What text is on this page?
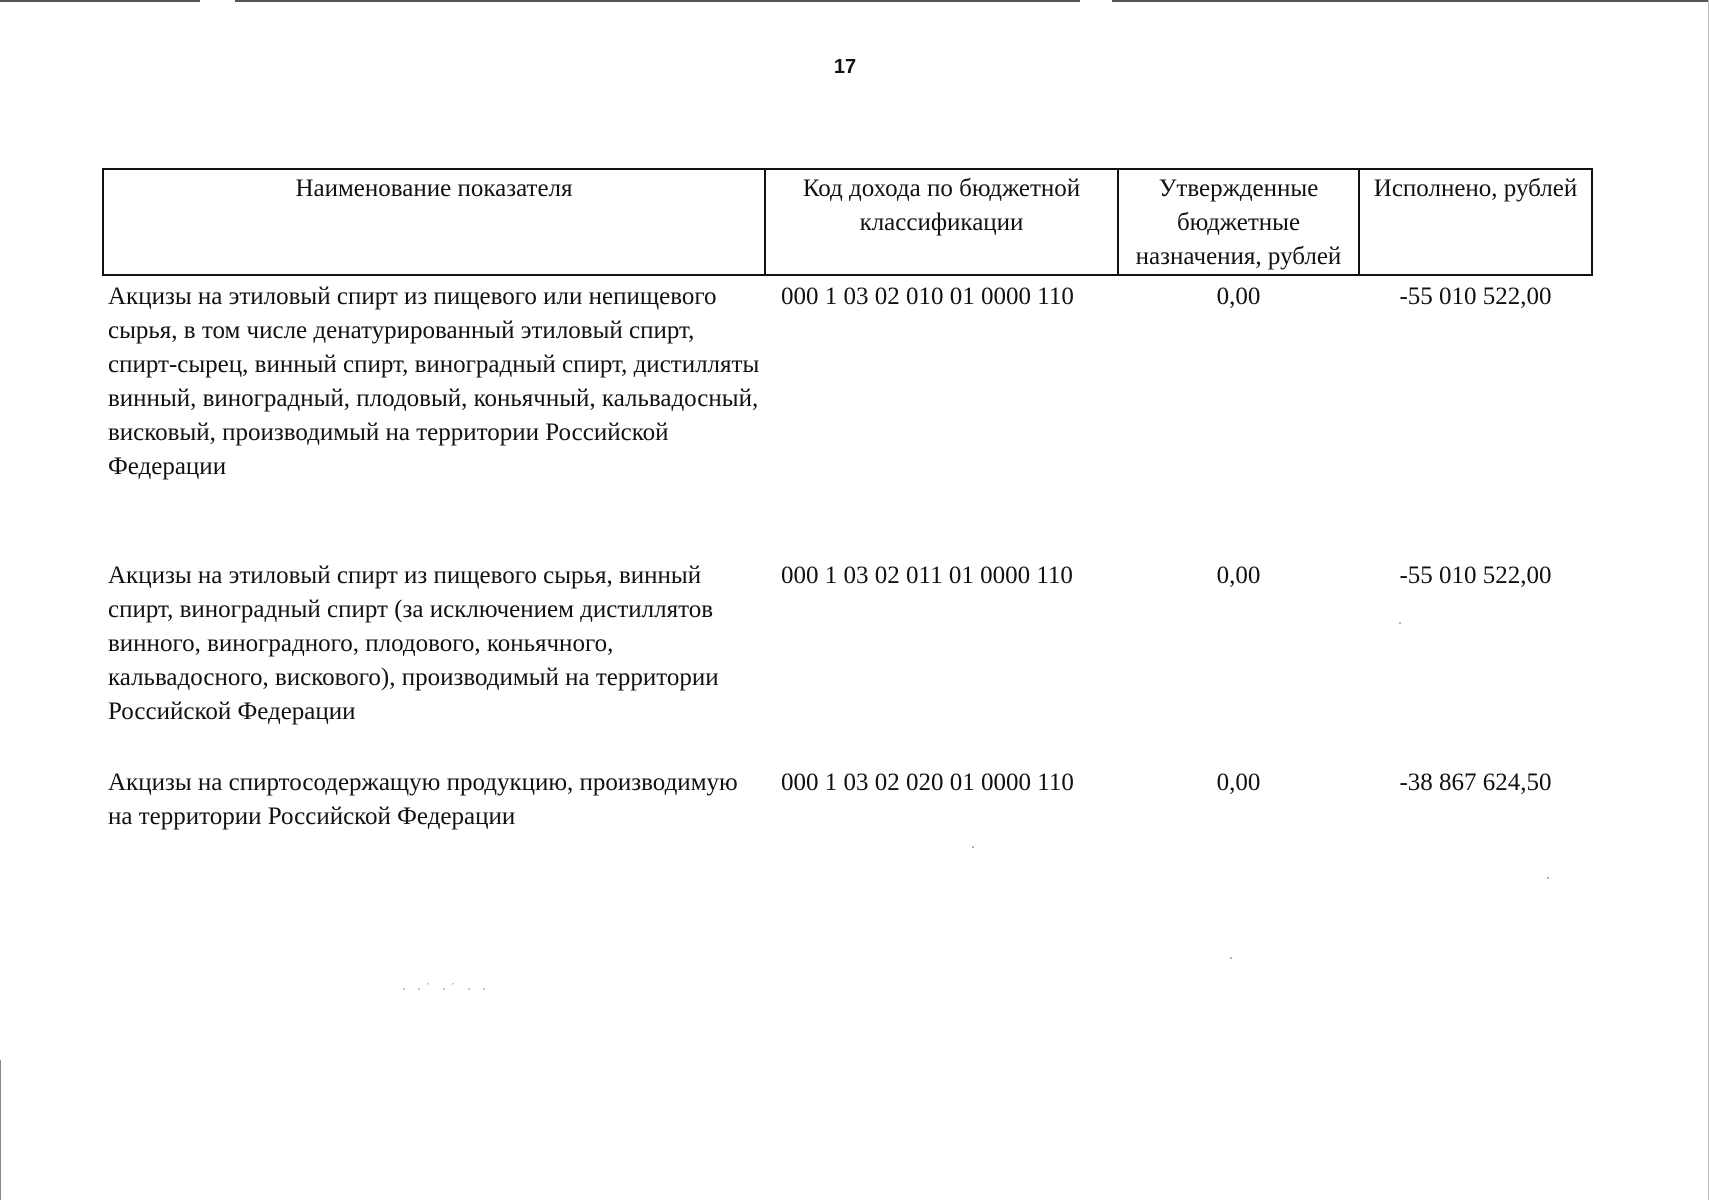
17
Наименование показателя	Код дохода по бюджетной классификации	Утвержденные бюджетные назначения, рублей	Исполнено, рублей
Акцизы на этиловый спирт из пищевого или непищевого сырья, в том числе денатурированный этиловый спирт, спирт-сырец, винный спирт, виноградный спирт, дистилляты винный, виноградный, плодовый, коньячный, кальвадосный, висковый, производимый на территории Российской Федерации	000 1 03 02 010 01 0000 110	0,00	-55 010 522,00
Акцизы на этиловый спирт из пищевого сырья, винный спирт, виноградный спирт (за исключением дистиллятов винного, виноградного, плодового, коньячного, кальвадосного, вискового), производимый на территории Российской Федерации	000 1 03 02 011 01 0000 110	0,00	-55 010 522,00
Акцизы на спиртосодержащую продукцию, производимую на территории Российской Федерации	000 1 03 02 020 01 0000 110	0,00	-38 867 624,50
· ·˙ ·˙ · ·
